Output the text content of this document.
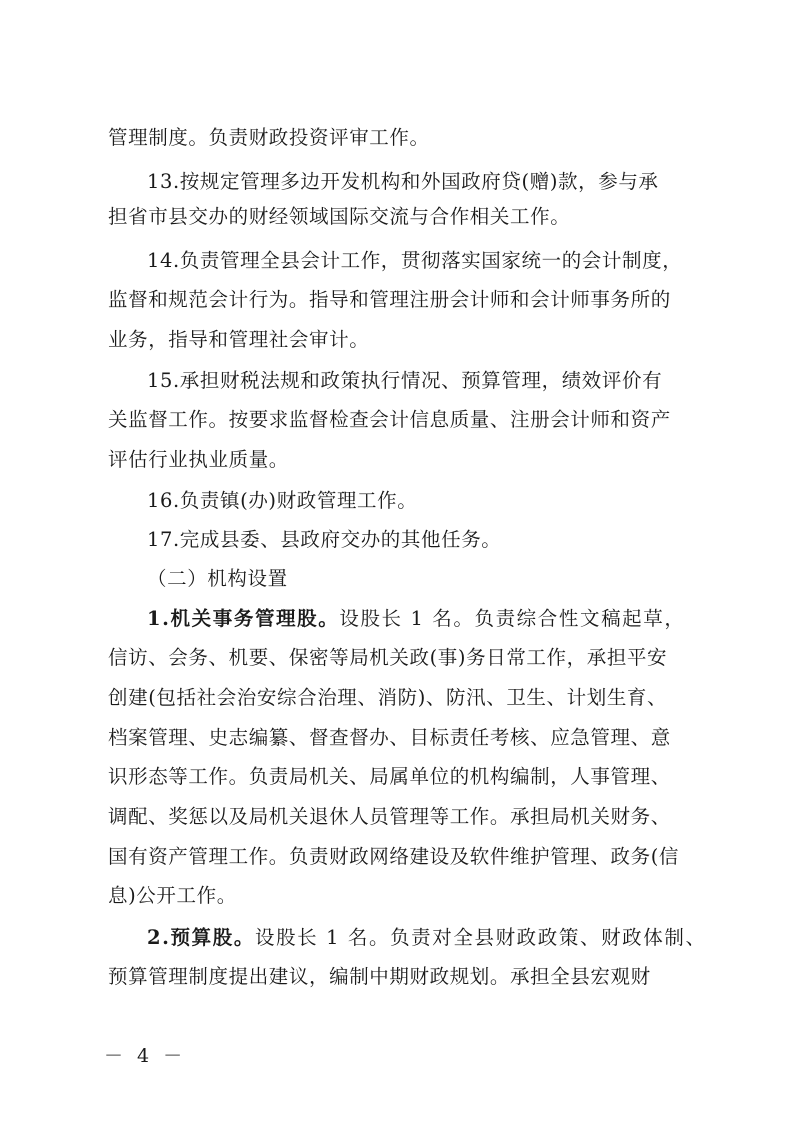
管理制度。负责财政投资评审工作。
13.按规定管理多边开发机构和外国政府贷(赠)款，参与承
担省市县交办的财经领域国际交流与合作相关工作。
14.负责管理全县会计工作，贯彻落实国家统一的会计制度，
监督和规范会计行为。指导和管理注册会计师和会计师事务所的
业务，指导和管理社会审计。
15.承担财税法规和政策执行情况、预算管理，绩效评价有
关监督工作。按要求监督检查会计信息质量、注册会计师和资产
评估行业执业质量。
16.负责镇(办)财政管理工作。
17.完成县委、县政府交办的其他任务。
（二）机构设置
1.机关事务管理股。设股长 1 名。负责综合性文稿起草，
信访、会务、机要、保密等局机关政(事)务日常工作，承担平安
创建(包括社会治安综合治理、消防)、防汛、卫生、计划生育、
档案管理、史志编纂、督查督办、目标责任考核、应急管理、意
识形态等工作。负责局机关、局属单位的机构编制，人事管理、
调配、奖惩以及局机关退休人员管理等工作。承担局机关财务、
国有资产管理工作。负责财政网络建设及软件维护管理、政务(信
息)公开工作。
2.预算股。设股长 1 名。负责对全县财政政策、财政体制、
预算管理制度提出建议，编制中期财政规划。承担全县宏观财
－ 4 －
